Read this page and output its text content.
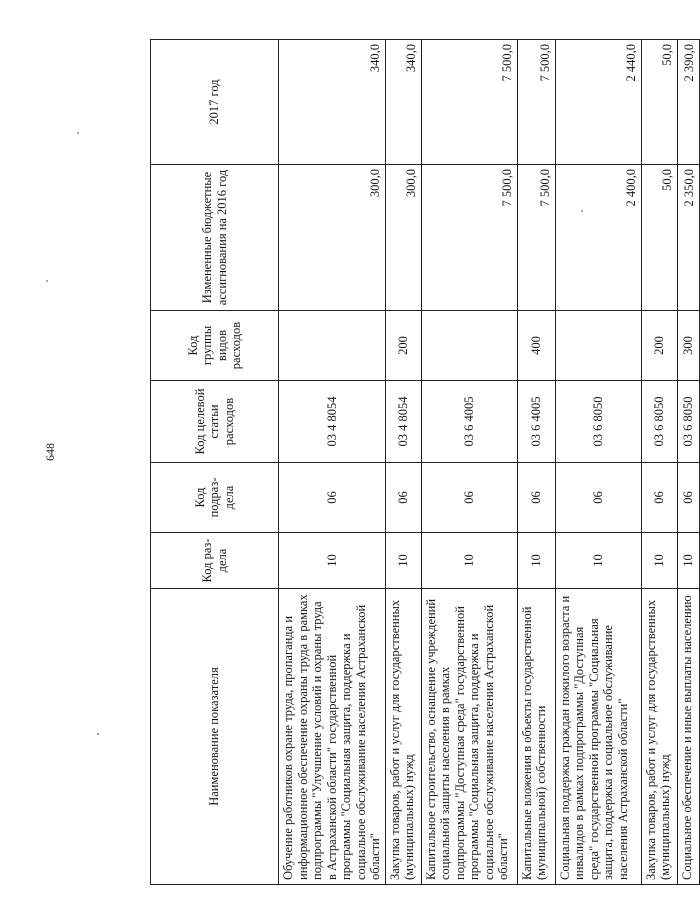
648
Наименование показателя	Код раз-дела	Код подраз-дела	Код целевой статьи расходов	Код группы видов расходов	Измененные бюджетные ассигнования на 2016 год	2017 год
Обучение работников охране труда, пропаганда и информационное обеспечение охраны труда в рамках подпрограммы "Улучшение условий и охраны труда в Астраханской области" государственной программы "Социальная защита, поддержка и социальное обслуживание населения Астраханской области"	10	06	03 4 8054		300,0	340,0
Закупка товаров, работ и услуг для государственных (муниципальных) нужд	10	06	03 4 8054	200	300,0	340,0
Капитальное строительство, оснащение учреждений социальной защиты населения в рамках подпрограммы "Доступная среда" государственной программы "Социальная защита, поддержка и социальное обслуживание населения Астраханской области"	10	06	03 6 4005		7 500,0	7 500,0
Капитальные вложения в объекты государственной (муниципальной) собственности	10	06	03 6 4005	400	7 500,0	7 500,0
Социальная поддержка граждан пожилого возраста и инвалидов в рамках подпрограммы "Доступная среда" государственной программы "Социальная защита, поддержка и социальное обслуживание населения Астраханской области"	10	06	03 6 8050		2 400,0	2 440,0
Закупка товаров, работ и услуг для государственных (муниципальных) нужд	10	06	03 6 8050	200	50,0	50,0
Социальное обеспечение и иные выплаты населению	10	06	03 6 8050	300	2 350,0	2 390,0
